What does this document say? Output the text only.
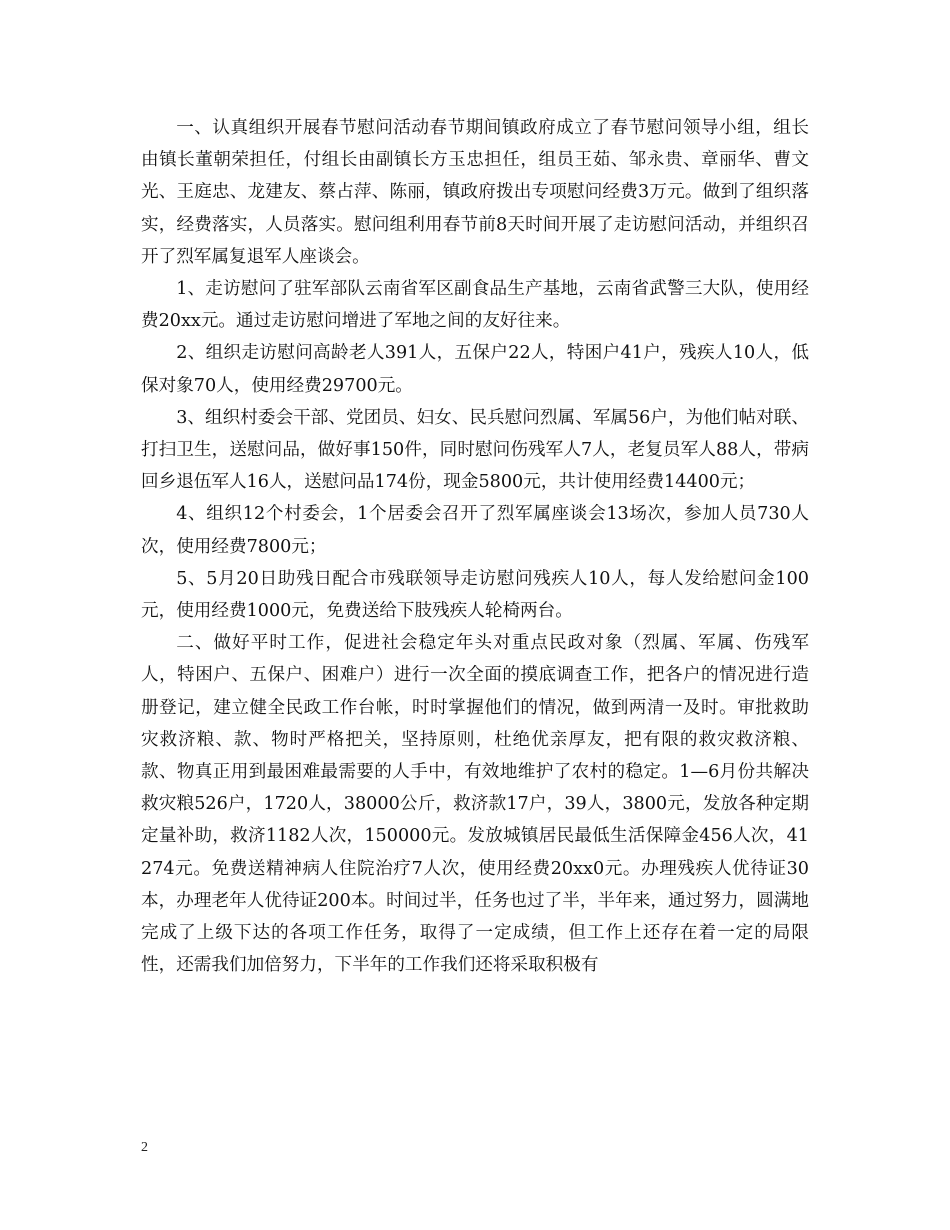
一、认真组织开展春节慰问活动春节期间镇政府成立了春节慰问领导小组，组长由镇长董朝荣担任，付组长由副镇长方玉忠担任，组员王茹、邹永贵、章丽华、曹文光、王庭忠、龙建友、蔡占萍、陈丽，镇政府拨出专项慰问经费3万元。做到了组织落实，经费落实，人员落实。慰问组利用春节前8天时间开展了走访慰问活动，并组织召开了烈军属复退军人座谈会。

1、走访慰问了驻军部队云南省军区副食品生产基地，云南省武警三大队，使用经费20xx元。通过走访慰问增进了军地之间的友好往来。

2、组织走访慰问高龄老人391人，五保户22人，特困户41户，残疾人10人，低保对象70人，使用经费29700元。

3、组织村委会干部、党团员、妇女、民兵慰问烈属、军属56户，为他们帖对联、打扫卫生，送慰问品，做好事150件，同时慰问伤残军人7人，老复员军人88人，带病回乡退伍军人16人，送慰问品174份，现金5800元，共计使用经费14400元；

4、组织12个村委会，1个居委会召开了烈军属座谈会13场次，参加人员730人次，使用经费7800元；

5、5月20日助残日配合市残联领导走访慰问残疾人10人，每人发给慰问金100元，使用经费1000元，免费送给下肢残疾人轮椅两台。

二、做好平时工作，促进社会稳定年头对重点民政对象（烈属、军属、伤残军人，特困户、五保户、困难户）进行一次全面的摸底调查工作，把各户的情况进行造册登记，建立健全民政工作台帐，时时掌握他们的情况，做到两清一及时。审批救助灾救济粮、款、物时严格把关，坚持原则，杜绝优亲厚友，把有限的救灾救济粮、款、物真正用到最困难最需要的人手中，有效地维护了农村的稳定。1—6月份共解决救灾粮526户，1720人，38000公斤，救济款17户，39人，3800元，发放各种定期定量补助，救济1182人次，150000元。发放城镇居民最低生活保障金456人次，41274元。免费送精神病人住院治疗7人次，使用经费20xx0元。办理残疾人优待证30本，办理老年人优待证200本。时间过半，任务也过了半，半年来，通过努力，圆满地完成了上级下达的各项工作任务，取得了一定成绩，但工作上还存在着一定的局限性，还需我们加倍努力，下半年的工作我们还将采取积极有

2
